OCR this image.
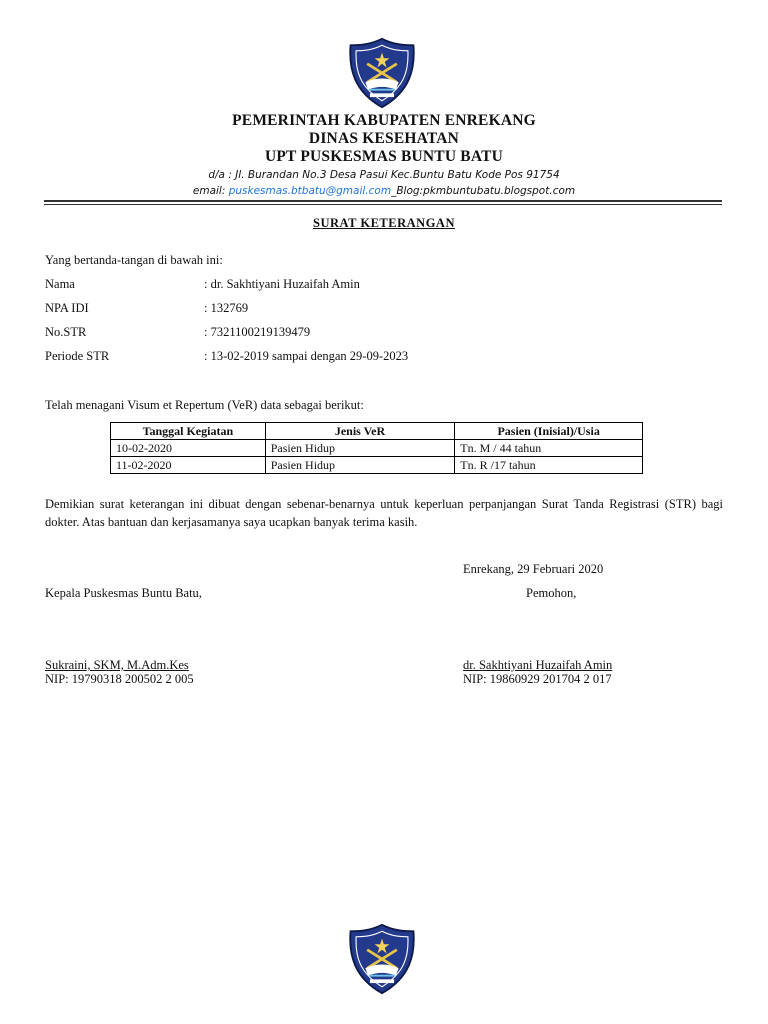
PEMERINTAH KABUPATEN ENREKANG
DINAS KESEHATAN
UPT PUSKESMAS BUNTU BATU
d/a : Jl. Burandan No.3 Desa Pasui Kec.Buntu Batu Kode Pos 91754
email: puskesmas.btbatu@gmail.com_Blog:pkmbuntubatu.blogspot.com
SURAT KETERANGAN
Yang bertanda-tangan di bawah ini:
Nama	: dr. Sakhtiyani Huzaifah Amin
NPA IDI	: 132769
No.STR	: 7321100219139479
Periode STR	: 13-02-2019 sampai dengan 29-09-2023
Telah menagani Visum et Repertum (VeR) data sebagai berikut:
Tanggal Kegiatan	Jenis VeR	Pasien (Inisial)/Usia
10-02-2020	Pasien Hidup	Tn. M / 44 tahun
11-02-2020	Pasien Hidup	Tn. R /17 tahun
Demikian surat keterangan ini dibuat dengan sebenar-benarnya untuk keperluan perpanjangan Surat Tanda Registrasi (STR) bagi dokter. Atas bantuan dan kerjasamanya saya ucapkan banyak terima kasih.
Enrekang, 29 Februari 2020
Kepala Puskesmas Buntu Batu,	Pemohon,
Sukraini, SKM, M.Adm.Kes
NIP: 19790318 200502 2 005
dr. Sakhtiyani Huzaifah Amin
NIP: 19860929 201704 2 017
